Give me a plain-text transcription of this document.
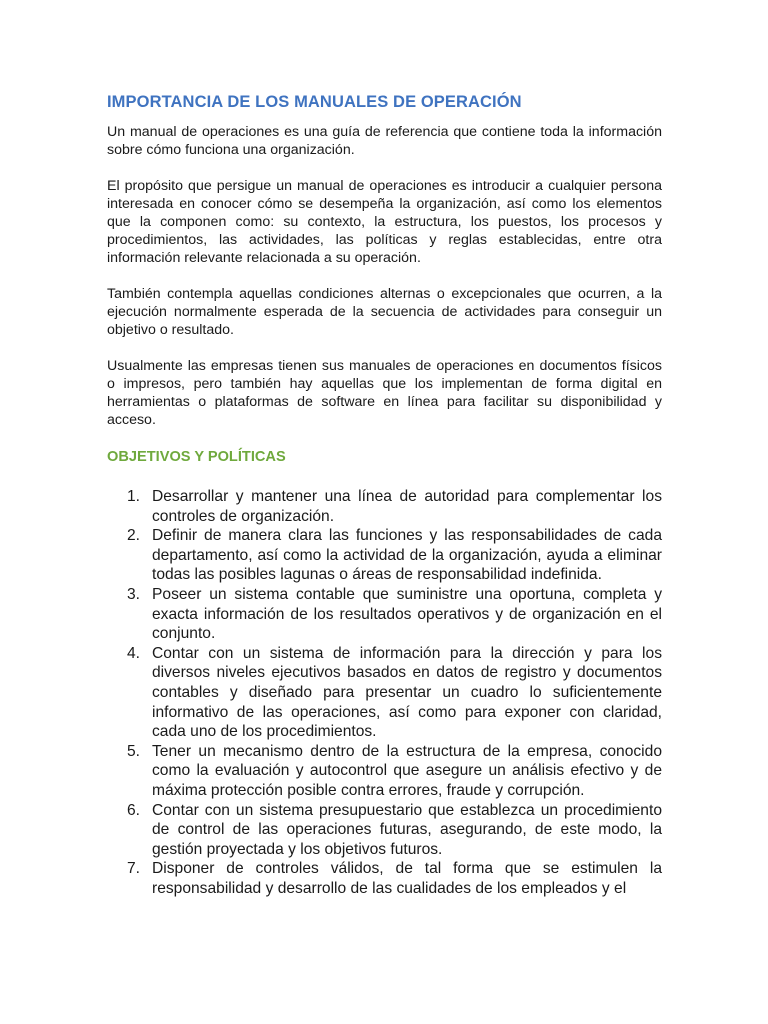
IMPORTANCIA DE LOS MANUALES DE OPERACIÓN

Un manual de operaciones es una guía de referencia que contiene toda la información sobre cómo funciona una organización.

El propósito que persigue un manual de operaciones es introducir a cualquier persona interesada en conocer cómo se desempeña la organización, así como los elementos que la componen como: su contexto, la estructura, los puestos, los procesos y procedimientos, las actividades, las políticas y reglas establecidas, entre otra información relevante relacionada a su operación.

También contempla aquellas condiciones alternas o excepcionales que ocurren, a la ejecución normalmente esperada de la secuencia de actividades para conseguir un objetivo o resultado.

Usualmente las empresas tienen sus manuales de operaciones en documentos físicos o impresos, pero también hay aquellas que los implementan de forma digital en herramientas o plataformas de software en línea para facilitar su disponibilidad y acceso.

OBJETIVOS Y POLÍTICAS
1. Desarrollar y mantener una línea de autoridad para complementar los controles de organización.
2. Definir de manera clara las funciones y las responsabilidades de cada departamento, así como la actividad de la organización, ayuda a eliminar todas las posibles lagunas o áreas de responsabilidad indefinida.
3. Poseer un sistema contable que suministre una oportuna, completa y exacta información de los resultados operativos y de organización en el conjunto.
4. Contar con un sistema de información para la dirección y para los diversos niveles ejecutivos basados en datos de registro y documentos contables y diseñado para presentar un cuadro lo suficientemente informativo de las operaciones, así como para exponer con claridad, cada uno de los procedimientos.
5. Tener un mecanismo dentro de la estructura de la empresa, conocido como la evaluación y autocontrol que asegure un análisis efectivo y de máxima protección posible contra errores, fraude y corrupción.
6. Contar con un sistema presupuestario que establezca un procedimiento de control de las operaciones futuras, asegurando, de este modo, la gestión proyectada y los objetivos futuros.
7. Disponer de controles válidos, de tal forma que se estimulen la responsabilidad y desarrollo de las cualidades de los empleados y el
